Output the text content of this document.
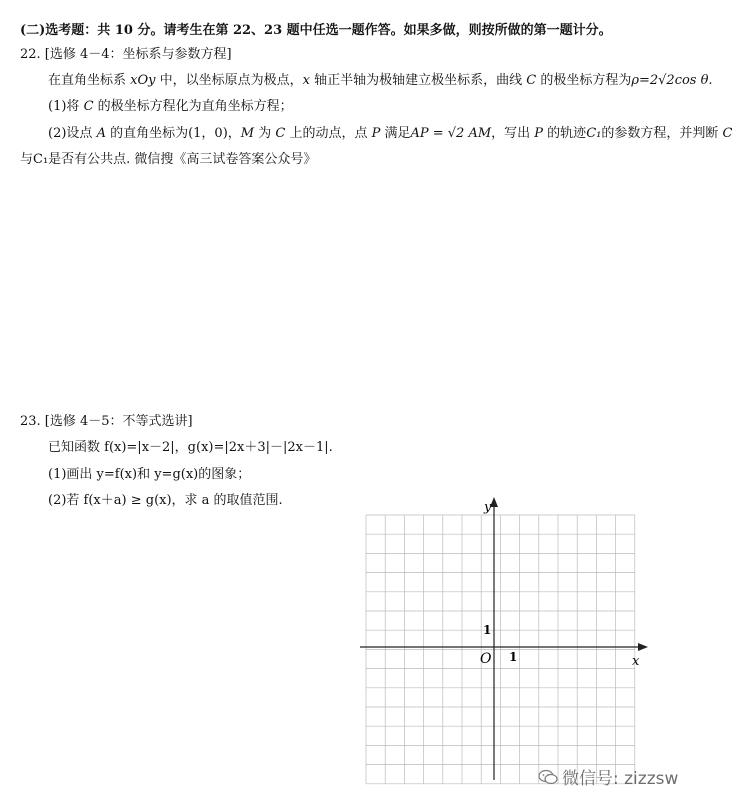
(二)选考题：共 10 分。请考生在第 22、23 题中任选一题作答。如果多做，则按所做的第一题计分。
22. [选修 4－4：坐标系与参数方程]
在直角坐标系 xOy 中，以坐标原点为极点，x 轴正半轴为极轴建立极坐标系，曲线 C 的极坐标方程为ρ=2√2cos θ.
(1)将 C 的极坐标方程化为直角坐标方程；
(2)设点 A 的直角坐标为(1，0)，M 为 C 上的动点，点 P 满足AP = √2 AM，写出 P 的轨迹C₁的参数方程，并判断 C
与C₁是否有公共点. 微信搜《高三试卷答案公众号》
23. [选修 4－5：不等式选讲]
已知函数 f(x)=|x－2|，g(x)=|2x＋3|－|2x－1|.
(1)画出 y=f(x)和 y=g(x)的图象；
(2)若 f(x＋a) ≥ g(x)，求 a 的取值范围.	y
x
O 1
1
微信号: zizzsw
